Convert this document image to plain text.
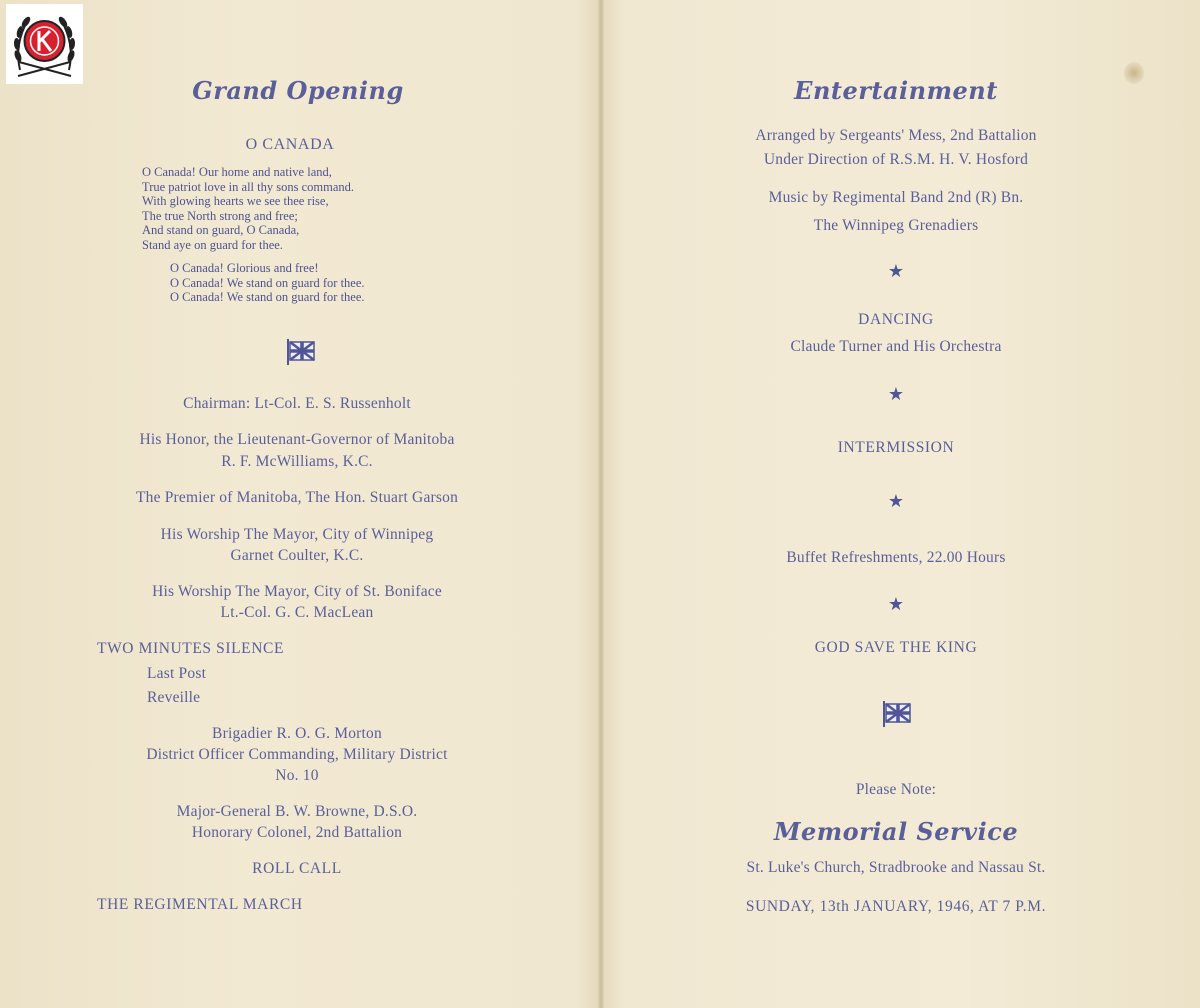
Grand Opening
O CANADA
O Canada! Our home and native land,
True patriot love in all thy sons command.
With glowing hearts we see thee rise,
The true North strong and free;
And stand on guard, O Canada,
Stand aye on guard for thee.
O Canada! Glorious and free!
O Canada! We stand on guard for thee.
O Canada! We stand on guard for thee.
Chairman: Lt-Col. E. S. Russenholt
His Honor, the Lieutenant-Governor of Manitoba
R. F. McWilliams, K.C.
The Premier of Manitoba, The Hon. Stuart Garson
His Worship The Mayor, City of Winnipeg
Garnet Coulter, K.C.
His Worship The Mayor, City of St. Boniface
Lt.-Col. G. C. MacLean
TWO MINUTES SILENCE
Last Post
Reveille
Brigadier R. O. G. Morton
District Officer Commanding, Military District
No. 10
Major-General B. W. Browne, D.S.O.
Honorary Colonel, 2nd Battalion
ROLL CALL
THE REGIMENTAL MARCH
Entertainment
Arranged by Sergeants' Mess, 2nd Battalion
Under Direction of R.S.M. H. V. Hosford
Music by Regimental Band 2nd (R) Bn.
The Winnipeg Grenadiers
★
DANCING
Claude Turner and His Orchestra
★
INTERMISSION
★
Buffet Refreshments, 22.00 Hours
★
GOD SAVE THE KING
Please Note:
Memorial Service
St. Luke's Church, Stradbrooke and Nassau St.
SUNDAY, 13th JANUARY, 1946, AT 7 P.M.
